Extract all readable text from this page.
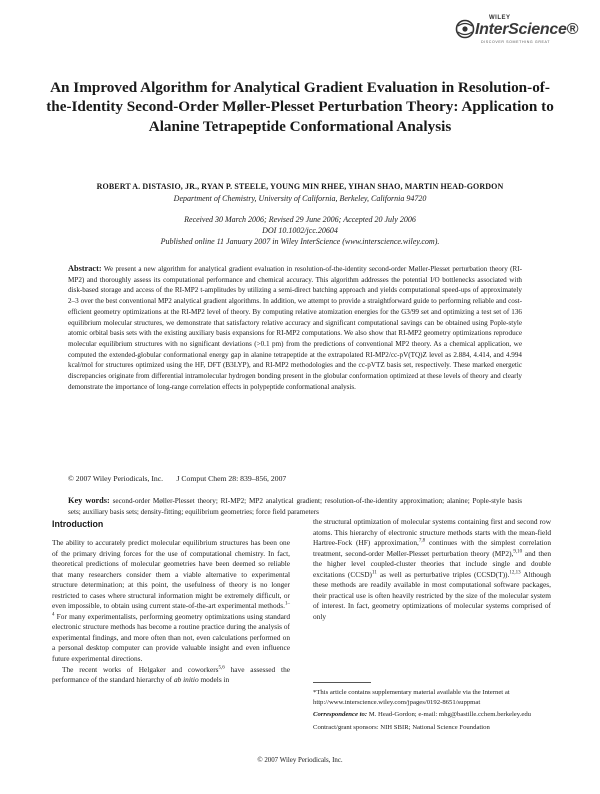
WILEY
InterScience®
DISCOVER SOMETHING GREAT
An Improved Algorithm for Analytical Gradient Evaluation in Resolution-of-the-Identity Second-Order Møller-Plesset Perturbation Theory: Application to Alanine Tetrapeptide Conformational Analysis
ROBERT A. DISTASIO, JR., RYAN P. STEELE, YOUNG MIN RHEE, YIHAN SHAO, MARTIN HEAD-GORDON
Department of Chemistry, University of California, Berkeley, California 94720
Received 30 March 2006; Revised 29 June 2006; Accepted 20 July 2006
DOI 10.1002/jcc.20604
Published online 11 January 2007 in Wiley InterScience (www.interscience.wiley.com).
Abstract: We present a new algorithm for analytical gradient evaluation in resolution-of-the-identity second-order Møller-Plesset perturbation theory (RI-MP2) and thoroughly assess its computational performance and chemical accuracy. This algorithm addresses the potential I/O bottlenecks associated with disk-based storage and access of the RI-MP2 t-amplitudes by utilizing a semi-direct batching approach and yields computational speed-ups of approximately 2–3 over the best conventional MP2 analytical gradient algorithms. In addition, we attempt to provide a straightforward guide to performing reliable and cost-efficient geometry optimizations at the RI-MP2 level of theory. By computing relative atomization energies for the G3/99 set and optimizing a test set of 136 equilibrium molecular structures, we demonstrate that satisfactory relative accuracy and significant computational savings can be obtained using Pople-style atomic orbital basis sets with the existing auxiliary basis expansions for RI-MP2 computations. We also show that RI-MP2 geometry optimizations reproduce molecular equilibrium structures with no significant deviations (>0.1 pm) from the predictions of conventional MP2 theory. As a chemical application, we computed the extended-globular conformational energy gap in alanine tetrapeptide at the extrapolated RI-MP2/cc-pV(TQ)Z level as 2.884, 4.414, and 4.994 kcal/mol for structures optimized using the HF, DFT (B3LYP), and RI-MP2 methodologies and the cc-pVTZ basis set, respectively. These marked energetic discrepancies originate from differential intramolecular hydrogen bonding present in the globular conformation optimized at these levels of theory and clearly demonstrate the importance of long-range correlation effects in polypeptide conformational analysis.
© 2007 Wiley Periodicals, Inc. J Comput Chem 28: 839–856, 2007
Key words: second-order Møller-Plesset theory; RI-MP2; MP2 analytical gradient; resolution-of-the-identity approximation; alanine; Pople-style basis sets; auxiliary basis sets; density-fitting; equilibrium geometries; force field parameters
Introduction

The ability to accurately predict molecular equilibrium structures has been one of the primary driving forces for the use of computational chemistry. In fact, theoretical predictions of molecular geometries have been deemed so reliable that many researchers consider them a viable alternative to experimental structure determination; at this point, the usefulness of theory is no longer restricted to cases where structural information might be extremely difficult, or even impossible, to obtain using current state-of-the-art experimental methods.$^{1-4}$ For many experimentalists, performing geometry optimizations using standard electronic structure methods has become a routine practice during the analysis of experimental findings, and more often than not, even calculations performed on a personal desktop computer can provide valuable insight and even influence future experimental directions.

The recent works of Helgaker and coworkers$^{5,6}$ have assessed the performance of the standard hierarchy of ab initio models in

the structural optimization of molecular systems containing first and second row atoms. This hierarchy of electronic structure methods starts with the mean-field Hartree-Fock (HF) approximation,$^{7,8}$ continues with the simplest correlation treatment, second-order Møller-Plesset perturbation theory (MP2),$^{9,10}$ and then the higher level coupled-cluster theories that include single and double excitations (CCSD)$^{11}$ as well as perturbative triples (CCSD(T)).$^{12,13}$ Although these methods are readily available in most computational software packages, their practical use is often heavily restricted by the size of the molecular system of interest. In fact, geometry optimizations of molecular systems comprised of only

*This article contains supplementary material available via the Internet at http://www.interscience.wiley.com/jpages/0192-8651/suppmat

Correspondence to: M. Head-Gordon; e-mail: mhg@bastille.cchem.berkeley.edu

Contract/grant sponsors: NIH SBIR; National Science Foundation

© 2007 Wiley Periodicals, Inc.
